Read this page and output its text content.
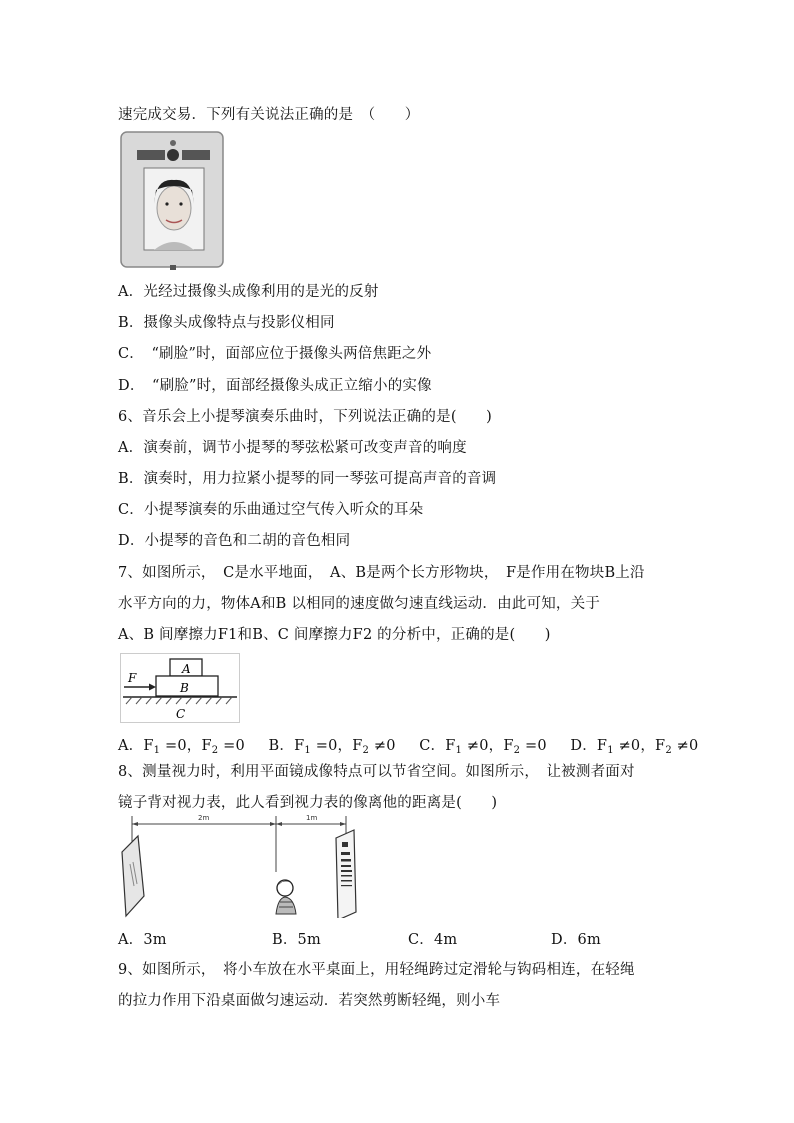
速完成交易．下列有关说法正确的是　（　　）
A．光经过摄像头成像利用的是光的反射
B．摄像头成像特点与投影仪相同
C．　“刷脸”时，面部应位于摄像头两倍焦距之外
D．　“刷脸”时，面部经摄像头成正立缩小的实像
6、音乐会上小提琴演奏乐曲时，下列说法正确的是(　　)
A．演奏前，调节小提琴的琴弦松紧可改变声音的响度
B．演奏时，用力拉紧小提琴的同一琴弦可提高声音的音调
C．小提琴演奏的乐曲通过空气传入听众的耳朵
D．小提琴的音色和二胡的音色相同
7、如图所示，　C是水平地面，　A、B是两个长方形物块，　F是作用在物块B上沿
水平方向的力，物体A和B 以相同的速度做匀速直线运动．由此可知，关于
A、B 间摩擦力F1和B、C 间摩擦力F2 的分析中，正确的是(　　)
A
B
C
F
A．$F_1 =0$，$F_2 =0$ B．$F_1 =0$，$F_2 \ne 0$ C．$F_1 \ne 0$，$F_2 =0$ D．$F_1 \ne 0$，$F_2 \ne 0$
8、测量视力时，利用平面镜成像特点可以节省空间。如图所示，　让被测者面对
镜子背对视力表，此人看到视力表的像离他的距离是(　　)
2m	1m
A．3m	B．5m	C．4m	D．6m
9、如图所示，　将小车放在水平桌面上，用轻绳跨过定滑轮与钩码相连，在轻绳
的拉力作用下沿桌面做匀速运动．若突然剪断轻绳，则小车
